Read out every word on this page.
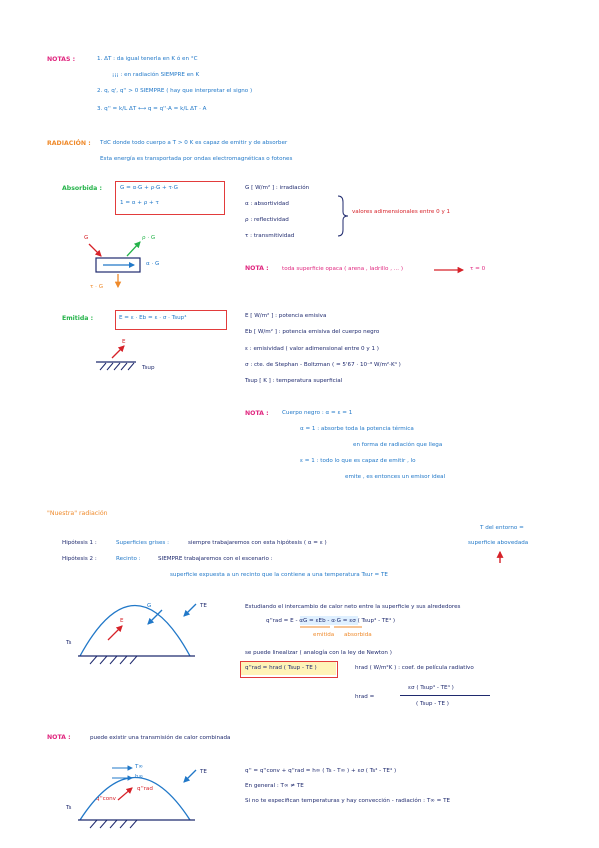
NOTAS :	1. ΔT : da igual tenerla en K ó en °C
¡¡¡ : en radiación SIEMPRE en K
2. q, q', q'' > 0 SIEMPRE ( hay que interpretar el signo )
3. q'' = k/L ΔT ⟷ q = q''·A = k/L ΔT · A
RADIACIÓN : TdC donde todo cuerpo a T > 0 K es capaz de emitir y de absorber
Esta energía es transportada por ondas electromagnéticas o fotones
Absorbida :	G = α·G + ρ·G + τ·G
1 = α + ρ + τ
G [ W/m² ] : irradiación
α : absortividad
ρ : reflectividad
τ : transmitividad
valores adimensionales entre 0 y 1
G	ρ · G
α · G
τ · G
NOTA : toda superficie opaca ( arena , ladrillo , ... )	τ = 0
Emitida :	E = ε · Eb = ε · σ · Tsup⁴
E
Tsup
E [ W/m² ] : potencia emisiva
Eb [ W/m² ] : potencia emisiva del cuerpo negro
ε : emisividad ( valor adimensional entre 0 y 1 )
σ : cte. de Stephan - Boltzman ( = 5'67 · 10⁻⁸ W/m²·K⁴ )
Tsup [ K ] : temperatura superficial
NOTA : Cuerpo negro : α = ε = 1
α = 1 : absorbe toda la potencia térmica
en forma de radiación que llega
ε = 1 : todo lo que es capaz de emitir , lo
emite , es entonces un emisor ideal
"Nuestra" radiación
T del entorno =
superficie abovedada
Hipótesis 1 :	Superficies grises :	siempre trabajaremos con esta hipótesis ( α = ε )
Hipótesis 2 :	Recinto :	SIEMPRE trabajaremos con el escenario :
superficie expuesta a un recinto que la contiene a una temperatura Tsur = TE
G
E
TE
Ts
Estudiando el intercambio de calor neto entre la superficie y sus alrededores
q''rad = E - αG = εEb - α·G = εσ ( Tsup⁴ - TE⁴ )
emitida absorbida
se puede linealizar ( analogía con la ley de Newton )
q''rad = hrad ( Tsup - TE )	hrad ( W/m²K ) : coef. de película radiativo
hrad =
εσ ( Tsup⁴ - TE⁴ )
( Tsup - TE )
NOTA :	puede existir una transmisión de calor combinada
T∞
h∞
q''rad
q''conv
TE
Ts
q'' = q''conv + q''rad = h∞ ( Ts - T∞ ) + εσ ( Ts⁴ - TE⁴ )
En general : T∞ ≠ TE
Si no te especifican temperaturas y hay convección - radiación : T∞ = TE
